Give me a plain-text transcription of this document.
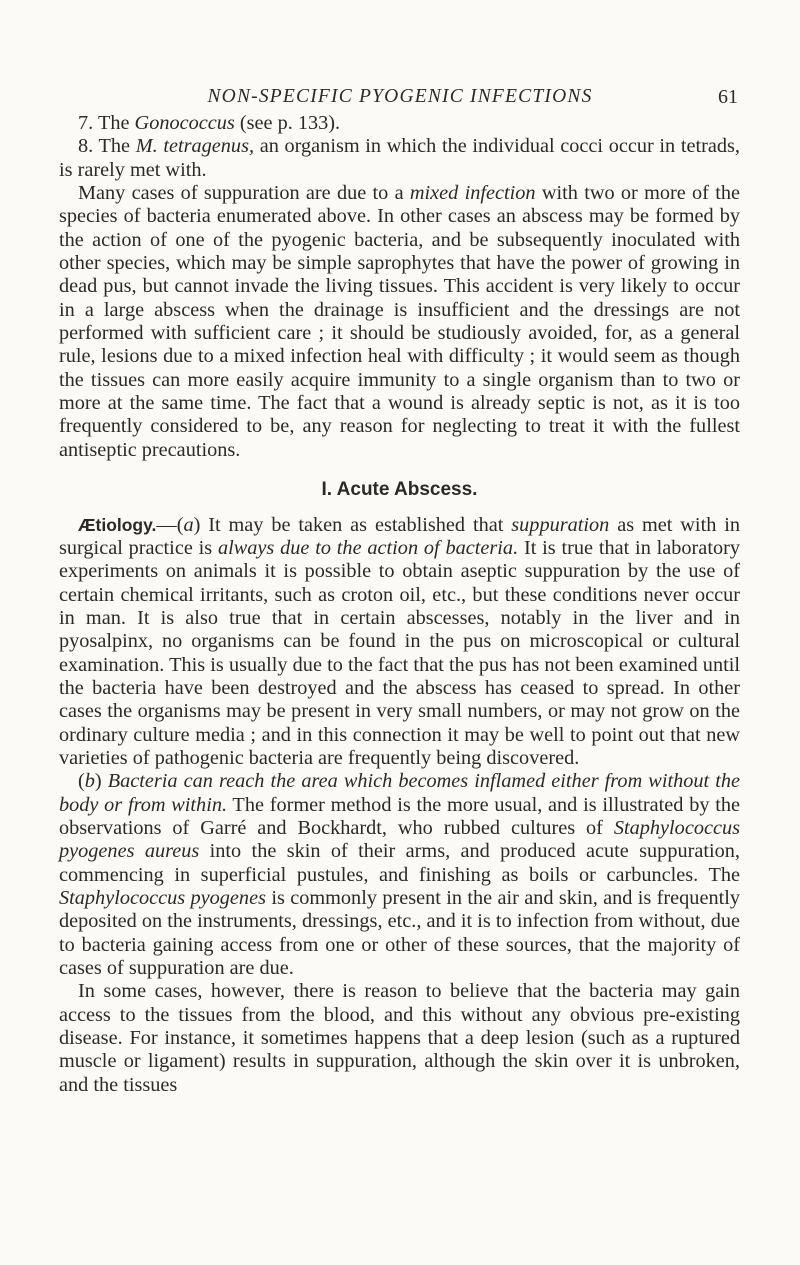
NON-SPECIFIC PYOGENIC INFECTIONS	61

7. The Gonococcus (see p. 133).

8. The M. tetragenus, an organism in which the individual cocci occur in tetrads, is rarely met with.

Many cases of suppuration are due to a mixed infection with two or more of the species of bacteria enumerated above. In other cases an abscess may be formed by the action of one of the pyogenic bacteria, and be subsequently inoculated with other species, which may be simple saprophytes that have the power of growing in dead pus, but cannot invade the living tissues. This accident is very likely to occur in a large abscess when the drainage is insufficient and the dressings are not performed with sufficient care ; it should be studiously avoided, for, as a general rule, lesions due to a mixed infection heal with difficulty ; it would seem as though the tissues can more easily acquire immunity to a single organism than to two or more at the same time. The fact that a wound is already septic is not, as it is too frequently considered to be, any reason for neglecting to treat it with the fullest antiseptic precautions.

I. Acute Abscess.

Ætiology.—(a) It may be taken as established that suppuration as met with in surgical practice is always due to the action of bacteria. It is true that in laboratory experiments on animals it is possible to obtain aseptic suppuration by the use of certain chemical irritants, such as croton oil, etc., but these conditions never occur in man. It is also true that in certain abscesses, notably in the liver and in pyosalpinx, no organisms can be found in the pus on microscopical or cultural examination. This is usually due to the fact that the pus has not been examined until the bacteria have been destroyed and the abscess has ceased to spread. In other cases the organisms may be present in very small numbers, or may not grow on the ordinary culture media ; and in this connection it may be well to point out that new varieties of pathogenic bacteria are frequently being discovered.

(b) Bacteria can reach the area which becomes inflamed either from without the body or from within. The former method is the more usual, and is illustrated by the observations of Garré and Bockhardt, who rubbed cultures of Staphylococcus pyogenes aureus into the skin of their arms, and produced acute suppuration, commencing in superficial pustules, and finishing as boils or carbuncles. The Staphylococcus pyogenes is commonly present in the air and skin, and is frequently deposited on the instruments, dressings, etc., and it is to infection from without, due to bacteria gaining access from one or other of these sources, that the majority of cases of suppuration are due.

In some cases, however, there is reason to believe that the bacteria may gain access to the tissues from the blood, and this without any obvious pre-existing disease. For instance, it sometimes happens that a deep lesion (such as a ruptured muscle or ligament) results in suppuration, although the skin over it is unbroken, and the tissues
